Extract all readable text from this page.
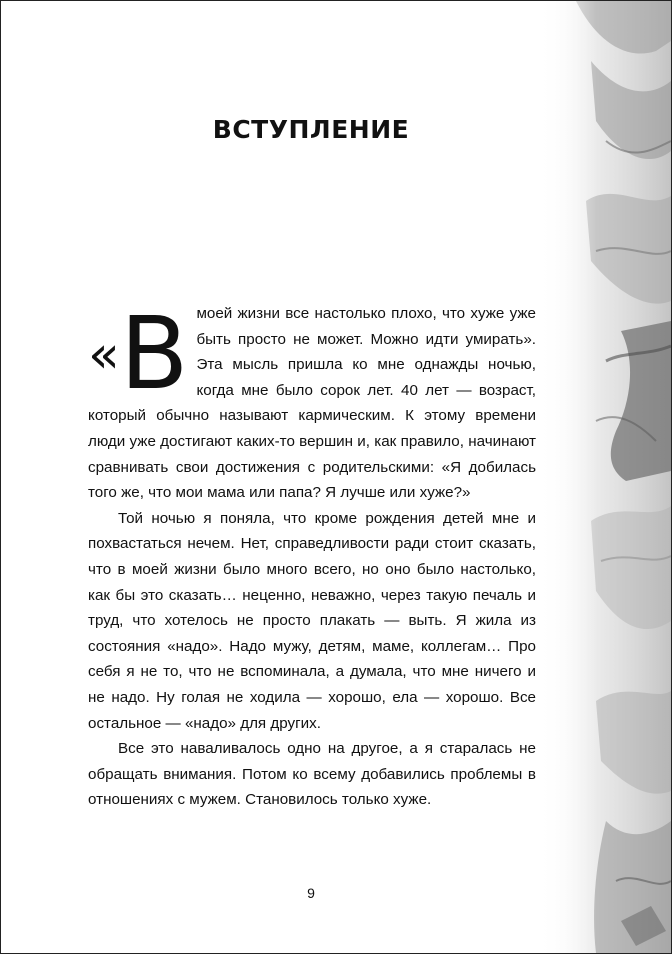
ВСТУПЛЕНИЕ

«В моей жизни все настолько плохо, что хуже уже быть просто не может. Можно идти умирать». Эта мысль пришла ко мне однажды ночью, когда мне было сорок лет. 40 лет — возраст, который обычно называют кармическим. К этому времени люди уже достигают каких-то вершин и, как правило, начинают сравнивать свои достижения с родительскими: «Я добилась того же, что мои мама или папа? Я лучше или хуже?»

Той ночью я поняла, что кроме рождения детей мне и похвастаться нечем. Нет, справедливости ради стоит сказать, что в моей жизни было много всего, но оно было настолько, как бы это сказать… неценно, неважно, через такую печаль и труд, что хотелось не просто плакать — выть. Я жила из состояния «надо». Надо мужу, детям, маме, коллегам… Про себя я не то, что не вспоминала, а думала, что мне ничего и не надо. Ну голая не ходила — хорошо, ела — хорошо. Все остальное — «надо» для других.

Все это наваливалось одно на другое, а я старалась не обращать внимания. Потом ко всему добавились проблемы в отношениях с мужем. Становилось только хуже.

9
